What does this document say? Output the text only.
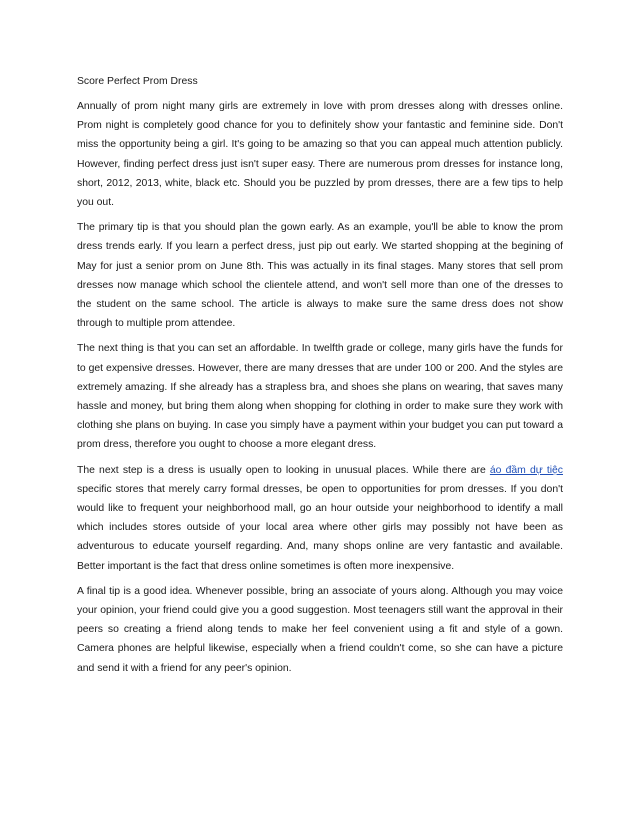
Score Perfect Prom Dress

Annually of prom night many girls are extremely in love with prom dresses along with dresses online. Prom night is completely good chance for you to definitely show your fantastic and feminine side. Don't miss the opportunity being a girl. It's going to be amazing so that you can appeal much attention publicly. However, finding perfect dress just isn't super easy. There are numerous prom dresses for instance long, short, 2012, 2013, white, black etc. Should you be puzzled by prom dresses, there are a few tips to help you out.

The primary tip is that you should plan the gown early. As an example, you'll be able to know the prom dress trends early. If you learn a perfect dress, just pip out early. We started shopping at the begining of May for just a senior prom on June 8th. This was actually in its final stages. Many stores that sell prom dresses now manage which school the clientele attend, and won't sell more than one of the dresses to the student on the same school. The article is always to make sure the same dress does not show through to multiple prom attendee.

The next thing is that you can set an affordable. In twelfth grade or college, many girls have the funds for to get expensive dresses. However, there are many dresses that are under 100 or 200. And the styles are extremely amazing. If she already has a strapless bra, and shoes she plans on wearing, that saves many hassle and money, but bring them along when shopping for clothing in order to make sure they work with clothing she plans on buying. In case you simply have a payment within your budget you can put toward a prom dress, therefore you ought to choose a more elegant dress.

The next step is a dress is usually open to looking in unusual places. While there are áo đầm dự tiệc specific stores that merely carry formal dresses, be open to opportunities for prom dresses. If you don't would like to frequent your neighborhood mall, go an hour outside your neighborhood to identify a mall which includes stores outside of your local area where other girls may possibly not have been as adventurous to educate yourself regarding. And, many shops online are very fantastic and available. Better important is the fact that dress online sometimes is often more inexpensive.

A final tip is a good idea. Whenever possible, bring an associate of yours along. Although you may voice your opinion, your friend could give you a good suggestion. Most teenagers still want the approval in their peers so creating a friend along tends to make her feel convenient using a fit and style of a gown. Camera phones are helpful likewise, especially when a friend couldn't come, so she can have a picture and send it with a friend for any peer's opinion.
